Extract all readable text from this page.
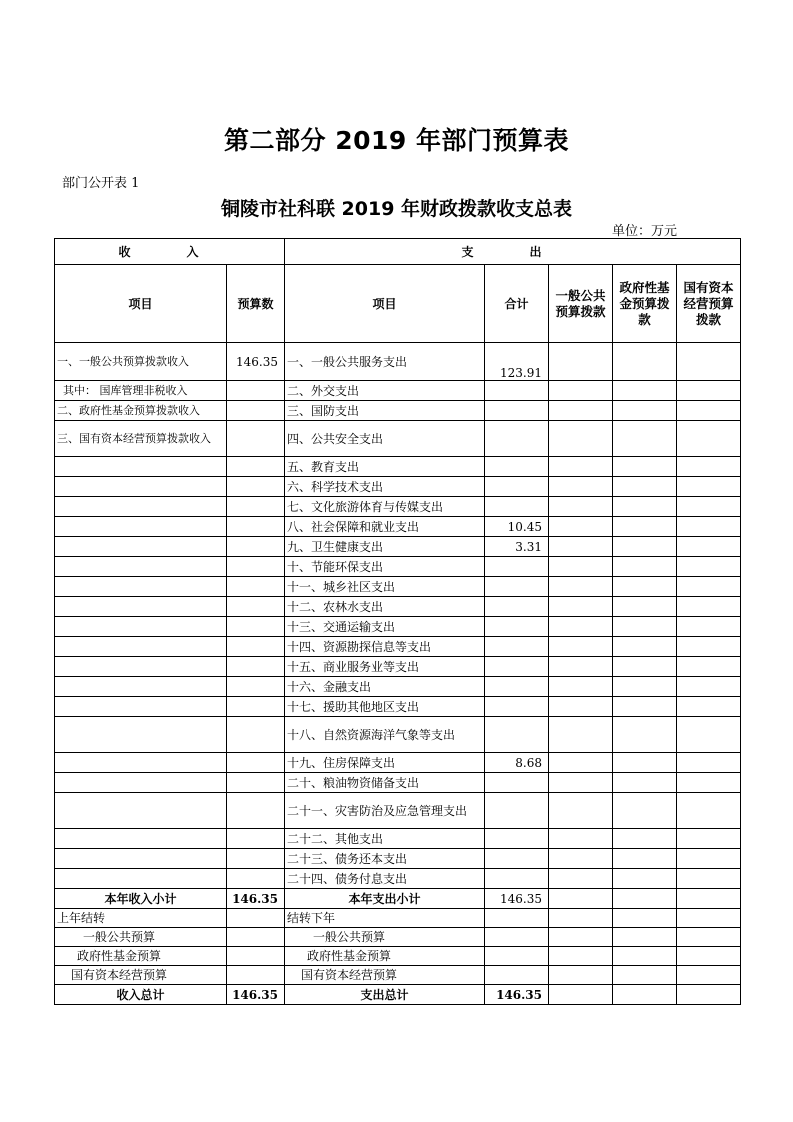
第二部分 2019 年部门预算表
部门公开表 1
铜陵市社科联 2019 年财政拨款收支总表
单位：万元
收　入		支　出				
项目	预算数	项目	合计	一般公共预算拨款	政府性基金预算拨款	国有资本经营预算拨款
一、一般公共预算拨款收入	146.35	一、一般公共服务支出	123.91			
其中： 国库管理非税收入		二、外交支出				
二、政府性基金预算拨款收入		三、国防支出				
三、国有资本经营预算拨款收入		四、公共安全支出				
		五、教育支出				
		六、科学技术支出				
		七、文化旅游体育与传媒支出				
		八、社会保障和就业支出	10.45			
		九、卫生健康支出	3.31			
		十、节能环保支出				
		十一、城乡社区支出				
		十二、农林水支出				
		十三、交通运输支出				
		十四、资源勘探信息等支出				
		十五、商业服务业等支出				
		十六、金融支出				
		十七、援助其他地区支出				
		十八、自然资源海洋气象等支出				
		十九、住房保障支出	8.68			
		二十、粮油物资储备支出				
		二十一、灾害防治及应急管理支出				
		二十二、其他支出				
		二十三、债务还本支出				
		二十四、债务付息支出				
本年收入小计	146.35	本年支出小计	146.35			
上年结转		结转下年				
一般公共预算		一般公共预算				
政府性基金预算		政府性基金预算				
国有资本经营预算		国有资本经营预算				
收入总计	146.35	支出总计	146.35			
